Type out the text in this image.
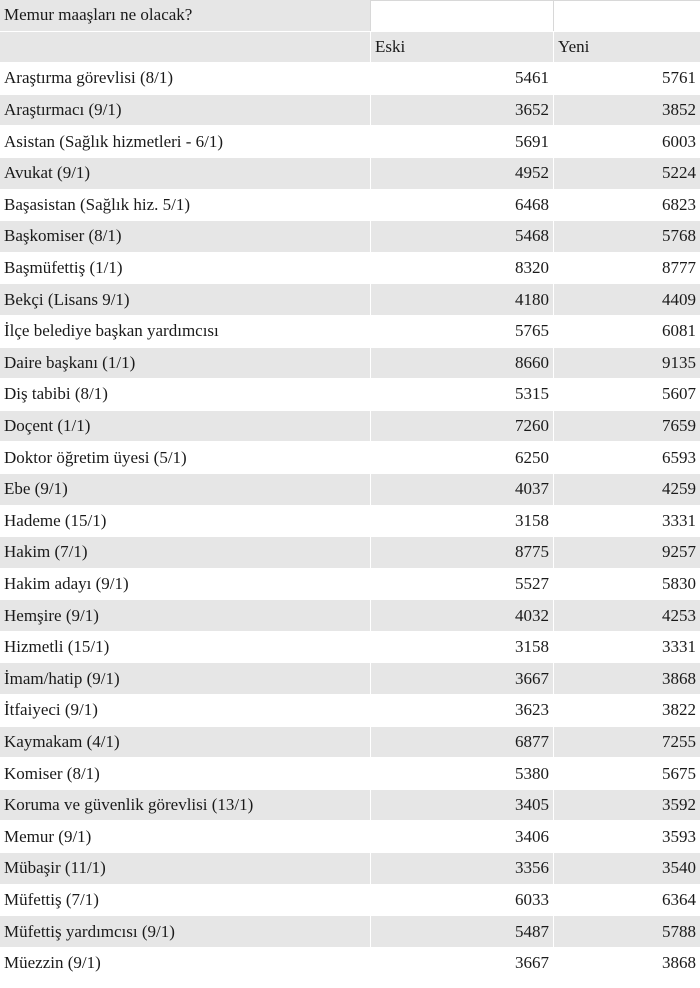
Memur maaşları ne olacak?
Eski	Yeni
Araştırma görevlisi (8/1)	5461	5761
Araştırmacı (9/1)	3652	3852
Asistan (Sağlık hizmetleri - 6/1)	5691	6003
Avukat (9/1)	4952	5224
Başasistan (Sağlık hiz. 5/1)	6468	6823
Başkomiser (8/1)	5468	5768
Başmüfettiş (1/1)	8320	8777
Bekçi (Lisans 9/1)	4180	4409
İlçe belediye başkan yardımcısı	5765	6081
Daire başkanı (1/1)	8660	9135
Diş tabibi (8/1)	5315	5607
Doçent (1/1)	7260	7659
Doktor öğretim üyesi (5/1)	6250	6593
Ebe (9/1)	4037	4259
Hademe (15/1)	3158	3331
Hakim (7/1)	8775	9257
Hakim adayı (9/1)	5527	5830
Hemşire (9/1)	4032	4253
Hizmetli (15/1)	3158	3331
İmam/hatip (9/1)	3667	3868
İtfaiyeci (9/1)	3623	3822
Kaymakam (4/1)	6877	7255
Komiser (8/1)	5380	5675
Koruma ve güvenlik görevlisi (13/1)	3405	3592
Memur (9/1)	3406	3593
Mübaşir (11/1)	3356	3540
Müfettiş (7/1)	6033	6364
Müfettiş yardımcısı (9/1)	5487	5788
Müezzin (9/1)	3667	3868
